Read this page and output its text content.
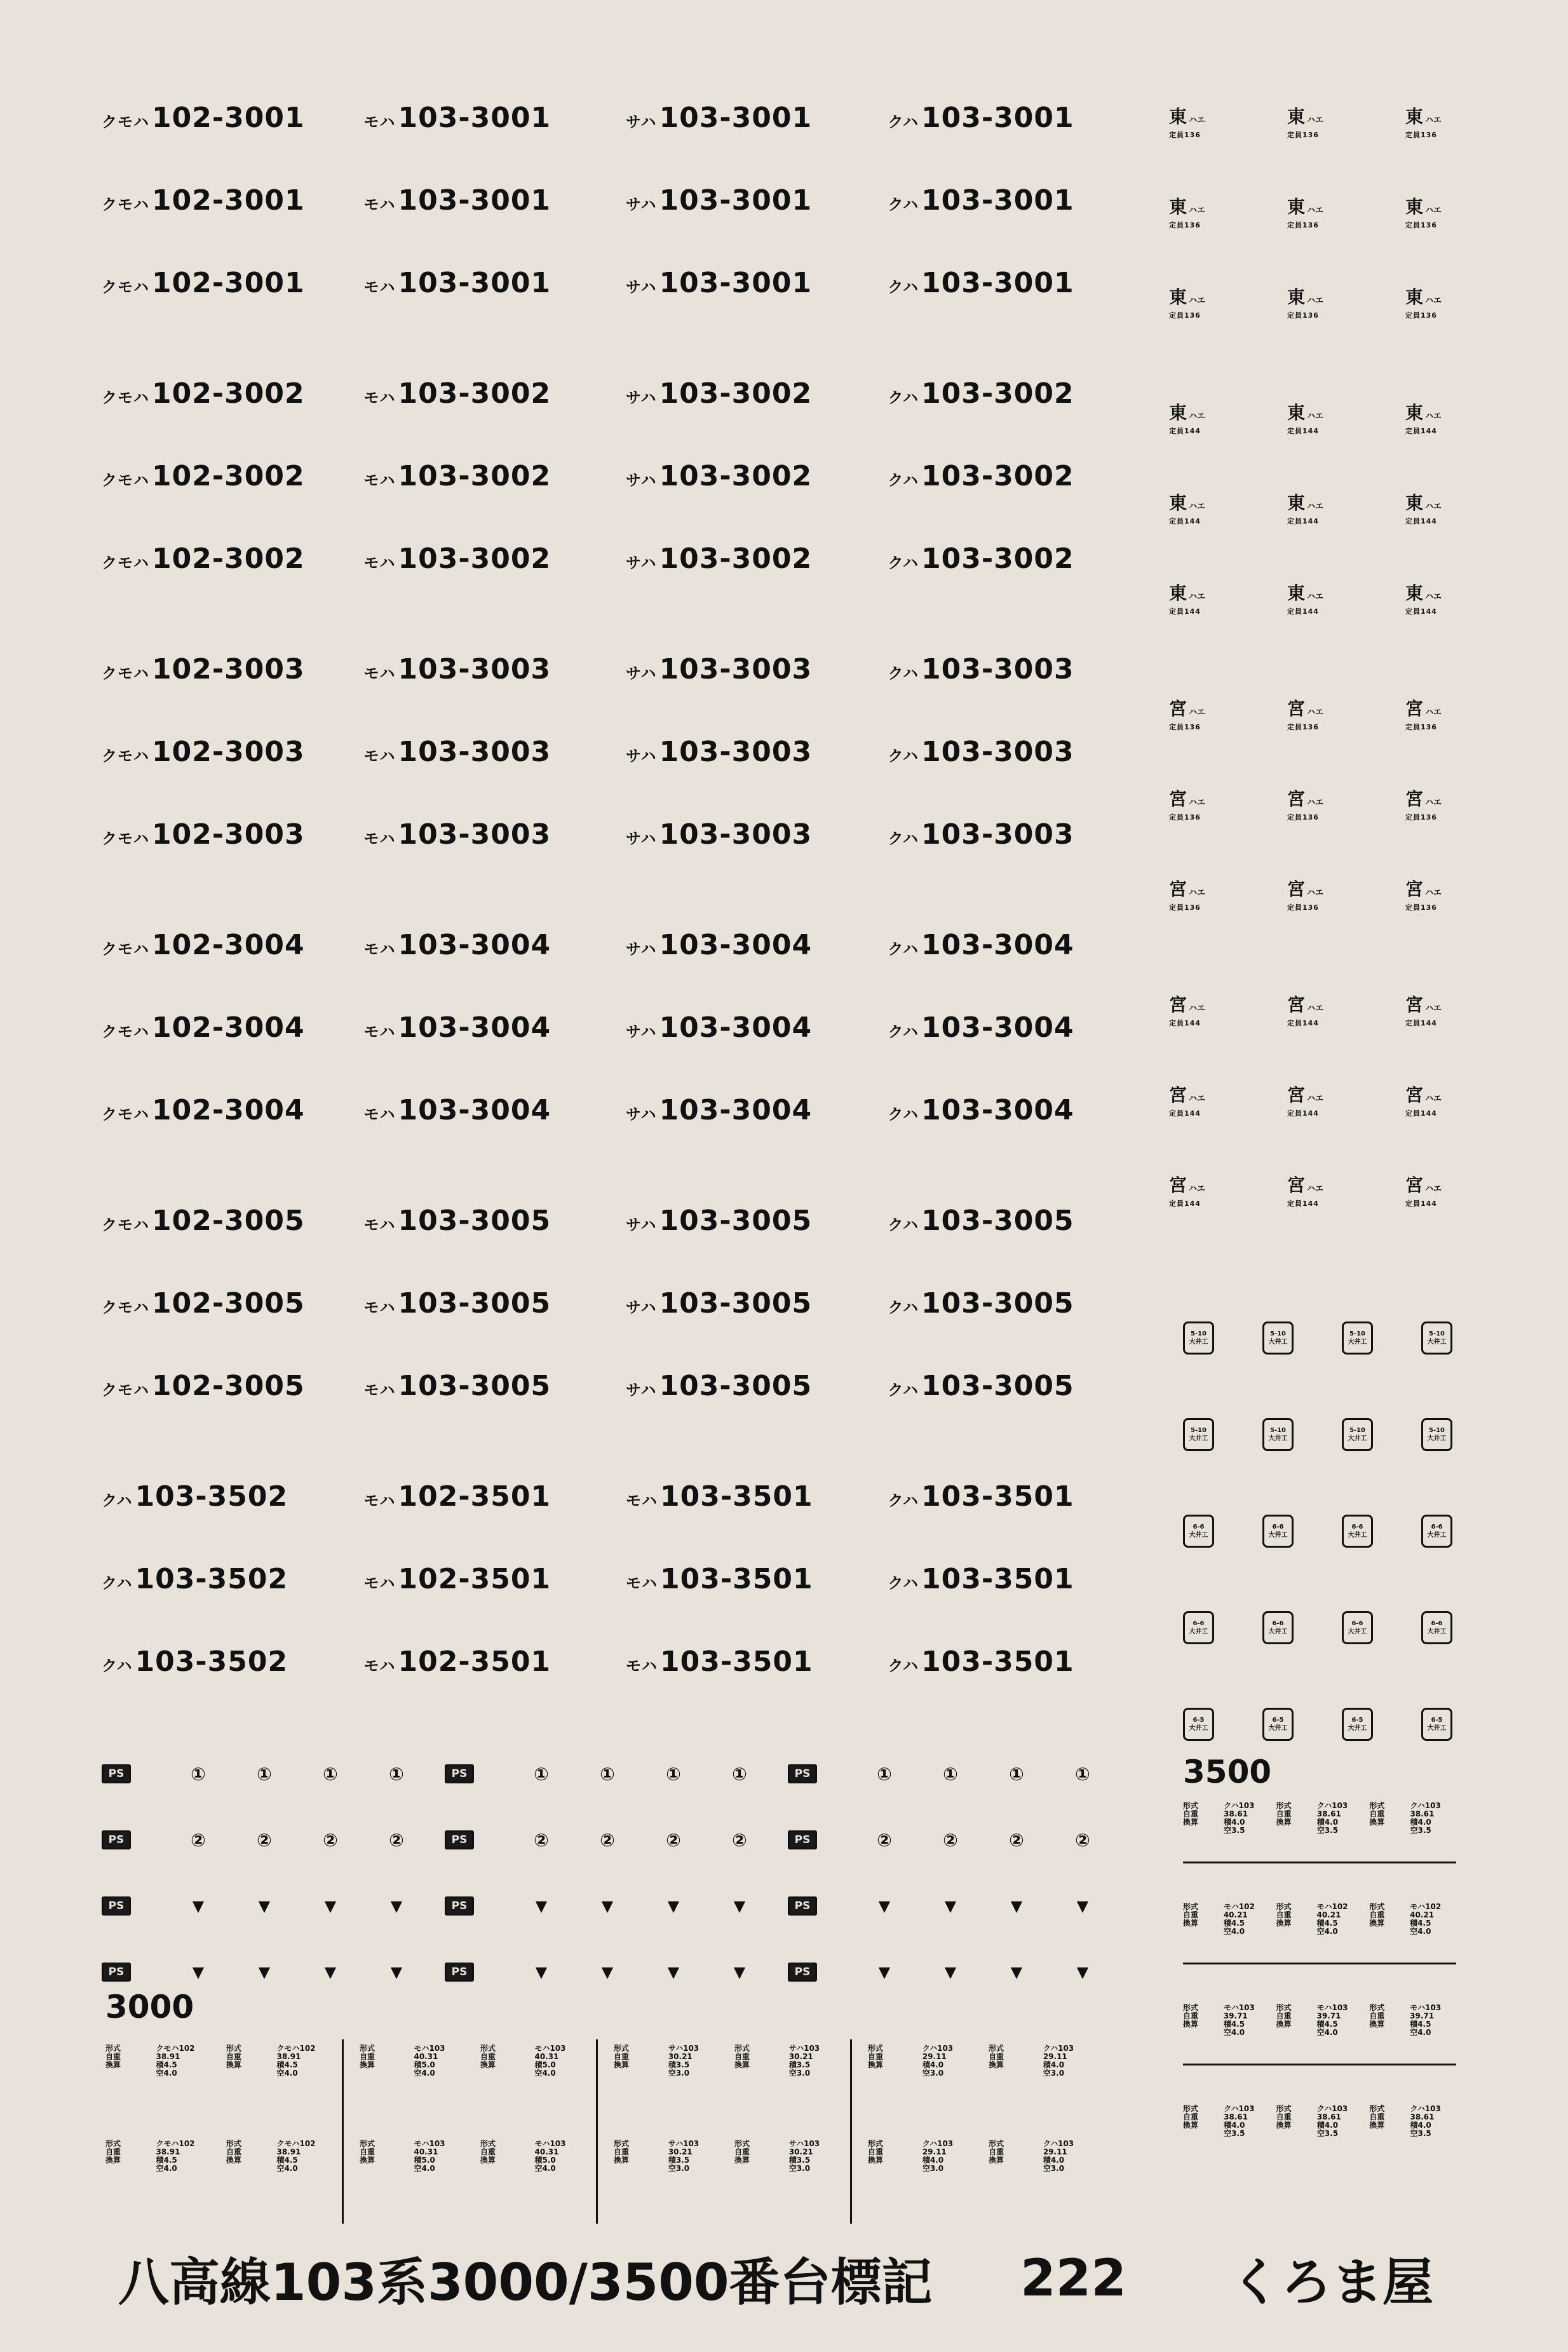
クモハ 102-3001	モハ 103-3001	サハ 103-3001	クハ 103-3001
クモハ 102-3001	モハ 103-3001	サハ 103-3001	クハ 103-3001
クモハ 102-3001	モハ 103-3001	サハ 103-3001	クハ 103-3001
クモハ 102-3002	モハ 103-3002	サハ 103-3002	クハ 103-3002
クモハ 102-3002	モハ 103-3002	サハ 103-3002	クハ 103-3002
クモハ 102-3002	モハ 103-3002	サハ 103-3002	クハ 103-3002
クモハ 102-3003	モハ 103-3003	サハ 103-3003	クハ 103-3003
クモハ 102-3003	モハ 103-3003	サハ 103-3003	クハ 103-3003
クモハ 102-3003	モハ 103-3003	サハ 103-3003	クハ 103-3003
クモハ 102-3004	モハ 103-3004	サハ 103-3004	クハ 103-3004
クモハ 102-3004	モハ 103-3004	サハ 103-3004	クハ 103-3004
クモハ 102-3004	モハ 103-3004	サハ 103-3004	クハ 103-3004
クモハ 102-3005	モハ 103-3005	サハ 103-3005	クハ 103-3005
クモハ 102-3005	モハ 103-3005	サハ 103-3005	クハ 103-3005
クモハ 102-3005	モハ 103-3005	サハ 103-3005	クハ 103-3005
クハ 103-3502	モハ 102-3501	モハ 103-3501	クハ 103-3501
クハ 103-3502	モハ 102-3501	モハ 103-3501	クハ 103-3501
クハ 103-3502	モハ 102-3501	モハ 103-3501	クハ 103-3501
東 ハエ
定員136
東 ハエ
定員136
東 ハエ
定員136
東 ハエ
定員136
東 ハエ
定員136
東 ハエ
定員136
東 ハエ
定員136
東 ハエ
定員136
東 ハエ
定員136
東 ハエ
定員144
東 ハエ
定員144
東 ハエ
定員144
東 ハエ
定員144
東 ハエ
定員144
東 ハエ
定員144
東 ハエ
定員144
東 ハエ
定員144
東 ハエ
定員144
宮 ハエ
定員136
宮 ハエ
定員136
宮 ハエ
定員136
宮 ハエ
定員136
宮 ハエ
定員136
宮 ハエ
定員136
宮 ハエ
定員136
宮 ハエ
定員136
宮 ハエ
定員136
宮 ハエ
定員144
宮 ハエ
定員144
宮 ハエ
定員144
宮 ハエ
定員144
宮 ハエ
定員144
宮 ハエ
定員144
宮 ハエ
定員144
宮 ハエ
定員144
宮 ハエ
定員144
5-10
大井工
5-10
大井工
5-10
大井工
5-10
大井工
5-10
大井工
5-10
大井工
5-10
大井工
5-10
大井工
6-6
大井工
6-6
大井工
6-6
大井工
6-6
大井工
6-6
大井工
6-6
大井工
6-6
大井工
6-6
大井工
6-5
大井工
6-5
大井工
6-5
大井工
6-5
大井工
3500
形式	クハ103
自重	38.61
換算	積4.0
空3.5
形式	クハ103
自重	38.61
換算	積4.0
空3.5
形式	クハ103
自重	38.61
換算	積4.0
空3.5
形式	モハ102
自重	40.21
換算	積4.5
空4.0
形式	モハ102
自重	40.21
換算	積4.5
空4.0
形式	モハ102
自重	40.21
換算	積4.5
空4.0
形式	モハ103
自重	39.71
換算	積4.5
空4.0
形式	モハ103
自重	39.71
換算	積4.5
空4.0
形式	モハ103
自重	39.71
換算	積4.5
空4.0
形式	クハ103
自重	38.61
換算	積4.0
空3.5
形式	クハ103
自重	38.61
換算	積4.0
空3.5
形式	クハ103
自重	38.61
換算	積4.0
空3.5
PS	①	①	①	①	PS	①	①	①	①	PS	①	①	①	①
PS	②	②	②	②	PS	②	②	②	②	PS	②	②	②	②
PS	▼	▼	▼	▼	PS	▼	▼	▼	▼	PS	▼	▼	▼	▼
PS	▼	▼	▼	▼	PS	▼	▼	▼	▼	PS	▼	▼	▼	▼
3000
形式	クモハ102
自重	38.91
換算	積4.5
空4.0
形式	クモハ102
自重	38.91
換算	積4.5
空4.0
形式	クモハ102
自重	38.91
換算	積4.5
空4.0
形式	クモハ102
自重	38.91
換算	積4.5
空4.0
形式	モハ103
自重	40.31
換算	積5.0
空4.0
形式	モハ103
自重	40.31
換算	積5.0
空4.0
形式	モハ103
自重	40.31
換算	積5.0
空4.0
形式	モハ103
自重	40.31
換算	積5.0
空4.0
形式	サハ103
自重	30.21
換算	積3.5
空3.0
形式	サハ103
自重	30.21
換算	積3.5
空3.0
形式	サハ103
自重	30.21
換算	積3.5
空3.0
形式	サハ103
自重	30.21
換算	積3.5
空3.0
形式	クハ103
自重	29.11
換算	積4.0
空3.0
形式	クハ103
自重	29.11
換算	積4.0
空3.0
形式	クハ103
自重	29.11
換算	積4.0
空3.0
形式	クハ103
自重	29.11
換算	積4.0
空3.0
八高線103系3000/3500番台標記	222	くろま屋
